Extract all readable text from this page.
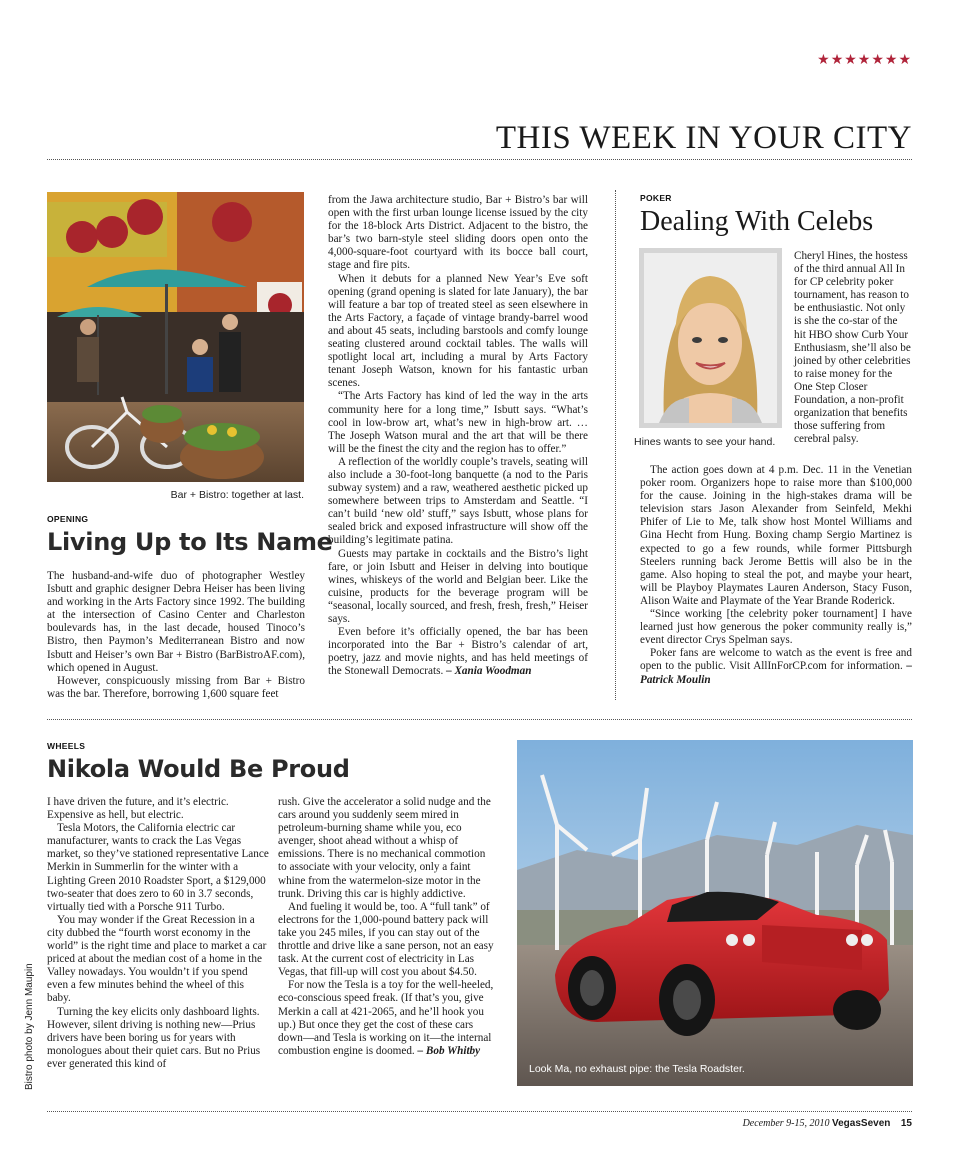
★★★★★★★
THIS WEEK IN YOUR CITY
Bar + Bistro: together at last.
OPENING
Living Up to Its Name

The husband-and-wife duo of photographer Westley Isbutt and graphic designer Debra Heiser has been living and working in the Arts Factory since 1992. The building at the intersection of Casino Center and Charleston boulevards has, in the last decade, housed Tinoco’s Bistro, then Paymon’s Mediterranean Bistro and now Isbutt and Heiser’s own Bar + Bistro (BarBistroAF.com), which opened in August.

However, conspicuously missing from Bar + Bistro was the bar. Therefore, borrowing 1,600 square feet

from the Jawa architecture studio, Bar + Bistro’s bar will open with the first urban lounge license issued by the city for the 18-block Arts District. Adjacent to the bistro, the bar’s two barn-style steel sliding doors open onto the 4,000-square-foot courtyard with its bocce ball court, stage and fire pits.

When it debuts for a planned New Year’s Eve soft opening (grand opening is slated for late January), the bar will feature a bar top of treated steel as seen elsewhere in the Arts Factory, a façade of vintage brandy-barrel wood and about 45 seats, including barstools and comfy lounge seating clustered around cocktail tables. The walls will spotlight local art, including a mural by Arts Factory tenant Joseph Watson, known for his fantastic urban scenes.

“The Arts Factory has kind of led the way in the arts community here for a long time,” Isbutt says. “What’s cool in low-brow art, what’s new in high-brow art. … The Joseph Watson mural and the art that will be there will be the finest the city and the region has to offer.”

A reflection of the worldly couple’s travels, seating will also include a 30-foot-long banquette (a nod to the Paris subway system) and a raw, weathered aesthetic picked up somewhere between trips to Amsterdam and Seattle. “I can’t build ‘new old’ stuff,” says Isbutt, whose plans for sealed brick and exposed infrastructure will show off the building’s legitimate patina.

Guests may partake in cocktails and the Bistro’s light fare, or join Isbutt and Heiser in delving into boutique wines, whiskeys of the world and Belgian beer. Like the cuisine, products for the beverage program will be “seasonal, locally sourced, and fresh, fresh, fresh,” Heiser says.

Even before it’s officially opened, the bar has been incorporated into the Bar + Bistro’s calendar of art, poetry, jazz and movie nights, and has held meetings of the Stonewall Democrats. – Xania Woodman

POKER
Dealing With Celebs
Hines wants to see your hand.

Cheryl Hines, the hostess of the third annual All In for CP celebrity poker tournament, has reason to be enthusiastic. Not only is she the co-star of the hit HBO show Curb Your Enthusiasm, she’ll also be joined by other celebrities to raise money for the One Step Closer Foundation, a non-profit organization that benefits those suffering from cerebral palsy.

The action goes down at 4 p.m. Dec. 11 in the Venetian poker room. Organizers hope to raise more than $100,000 for the cause. Joining in the high-stakes drama will be television stars Jason Alexander from Seinfeld, Mekhi Phifer of Lie to Me, talk show host Montel Williams and Gina Hecht from Hung. Boxing champ Sergio Martinez is expected to go a few rounds, while former Pittsburgh Steelers running back Jerome Bettis will also be in the game. Also hoping to steal the pot, and maybe your heart, will be Playboy Playmates Lauren Anderson, Stacy Fuson, Alison Waite and Playmate of the Year Brande Roderick.

“Since working [the celebrity poker tournament] I have learned just how generous the poker community really is,” event director Crys Spelman says.

Poker fans are welcome to watch as the event is free and open to the public. Visit AllInForCP.com for information. – Patrick Moulin

WHEELS
Nikola Would Be Proud

I have driven the future, and it’s electric. Expensive as hell, but electric.

Tesla Motors, the California electric car manufacturer, wants to crack the Las Vegas market, so they’ve stationed representative Lance Merkin in Summerlin for the winter with a Lighting Green 2010 Roadster Sport, a $129,000 two-seater that does zero to 60 in 3.7 seconds, virtually tied with a Porsche 911 Turbo.

You may wonder if the Great Recession in a city dubbed the “fourth worst economy in the world” is the right time and place to market a car priced at about the median cost of a home in the Valley nowadays. You wouldn’t if you spend even a few minutes behind the wheel of this baby.

Turning the key elicits only dashboard lights. However, silent driving is nothing new—Prius drivers have been boring us for years with monologues about their quiet cars. But no Prius ever generated this kind of

rush. Give the accelerator a solid nudge and the cars around you suddenly seem mired in petroleum-burning shame while you, eco avenger, shoot ahead without a whisp of emissions. There is no mechanical commotion to associate with your velocity, only a faint whine from the watermelon-size motor in the trunk. Driving this car is highly addictive.

And fueling it would be, too. A “full tank” of electrons for the 1,000-pound battery pack will take you 245 miles, if you can stay out of the throttle and drive like a sane person, not an easy task. At the current cost of electricity in Las Vegas, that fill-up will cost you about $4.50.

For now the Tesla is a toy for the well-heeled, eco-conscious speed freak. (If that’s you, give Merkin a call at 421-2065, and he’ll hook you up.) But once they get the cost of these cars down—and Tesla is working on it—the internal combustion engine is doomed. – Bob Whitby

Look Ma, no exhaust pipe: the Tesla Roadster.
Bistro photo by Jenn Maupin
December 9-15, 2010 VegasSeven 15
